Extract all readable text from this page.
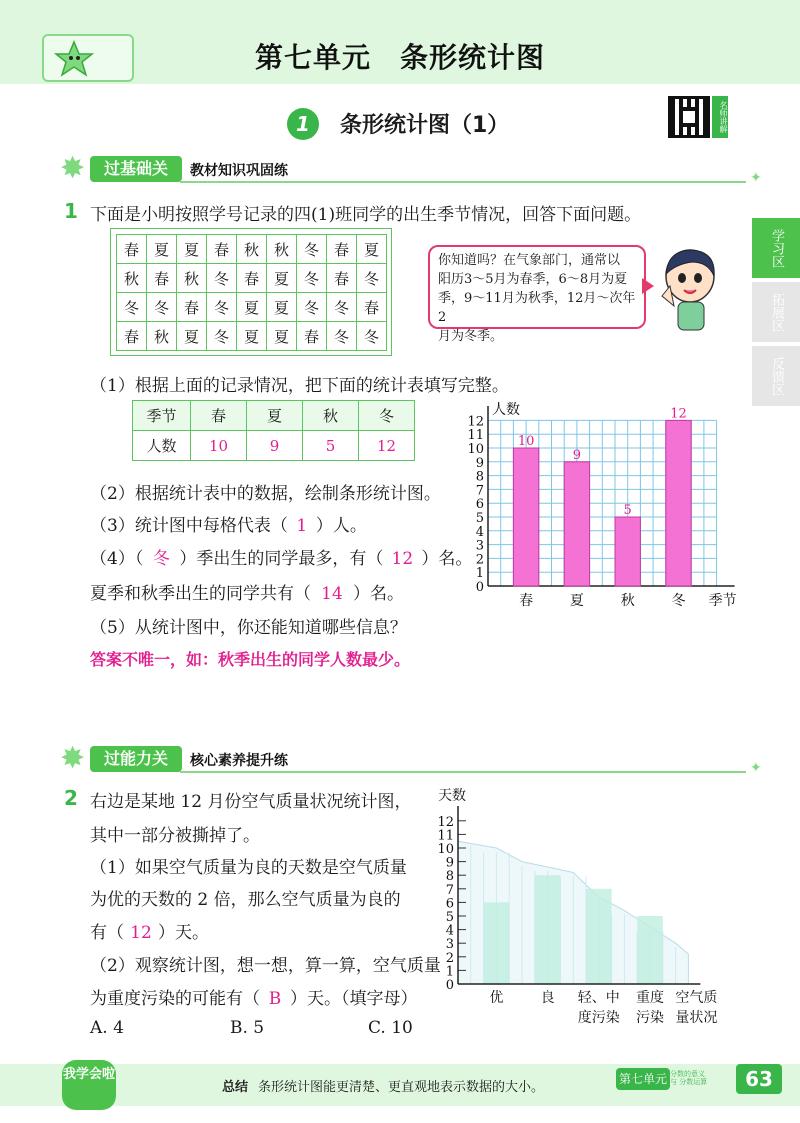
第七单元　条形统计图
1	条形统计图（1）	名师讲解
学习区
拓展区
反馈区
✸	过基础关	教材知识巩固练	✦
1 下面是小明按照学号记录的四(1)班同学的出生季节情况，回答下面问题。
春	夏	夏	春	秋	秋	冬	春	夏
秋	春	秋	冬	春	夏	冬	春	冬
冬	冬	春	冬	夏	夏	冬	冬	春
春	秋	夏	冬	夏	夏	春	冬	冬
你知道吗？在气象部门，通常以
阳历3～5月为春季，6～8月为夏
季，9～11月为秋季，12月～次年2
月为冬季。
（1）根据上面的记录情况，把下面的统计表填写完整。
季节	春	夏	秋	冬
人数	10	9	5	12
（2）根据统计表中的数据，绘制条形统计图。
（3）统计图中每格代表（ 1 ）人。
（4）（ 冬 ）季出生的同学最多，有（ 12 ）名。
夏季和秋季出生的同学共有（ 14 ）名。
（5）从统计图中，你还能知道哪些信息？
答案不唯一，如：秋季出生的同学人数最少。
人数
0
1
2
3
4
5
6
7
8
9
10
11
12
10
春
9
夏
5
秋
12
冬 季节
✸	过能力关	核心素养提升练	✦
2 右边是某地 12 月份空气质量状况统计图，
其中一部分被撕掉了。
（1）如果空气质量为良的天数是空气质量
为优的天数的 2 倍，那么空气质量为良的
有（ 12 ）天。
（2）观察统计图，想一想，算一算，空气质量
为重度污染的可能有（ B ）天。（填字母）
A. 4	B. 5	C. 10
优	良 轻、中
度污染
重度
污染
天数
0
1
2
3
4
5
6
7
8
9
10
11
12
空气质
量状况
我学会啦
总结 条形统计图能更清楚、更直观地表示数据的大小。
第七单元 分数的意义 与 分数运算	63
